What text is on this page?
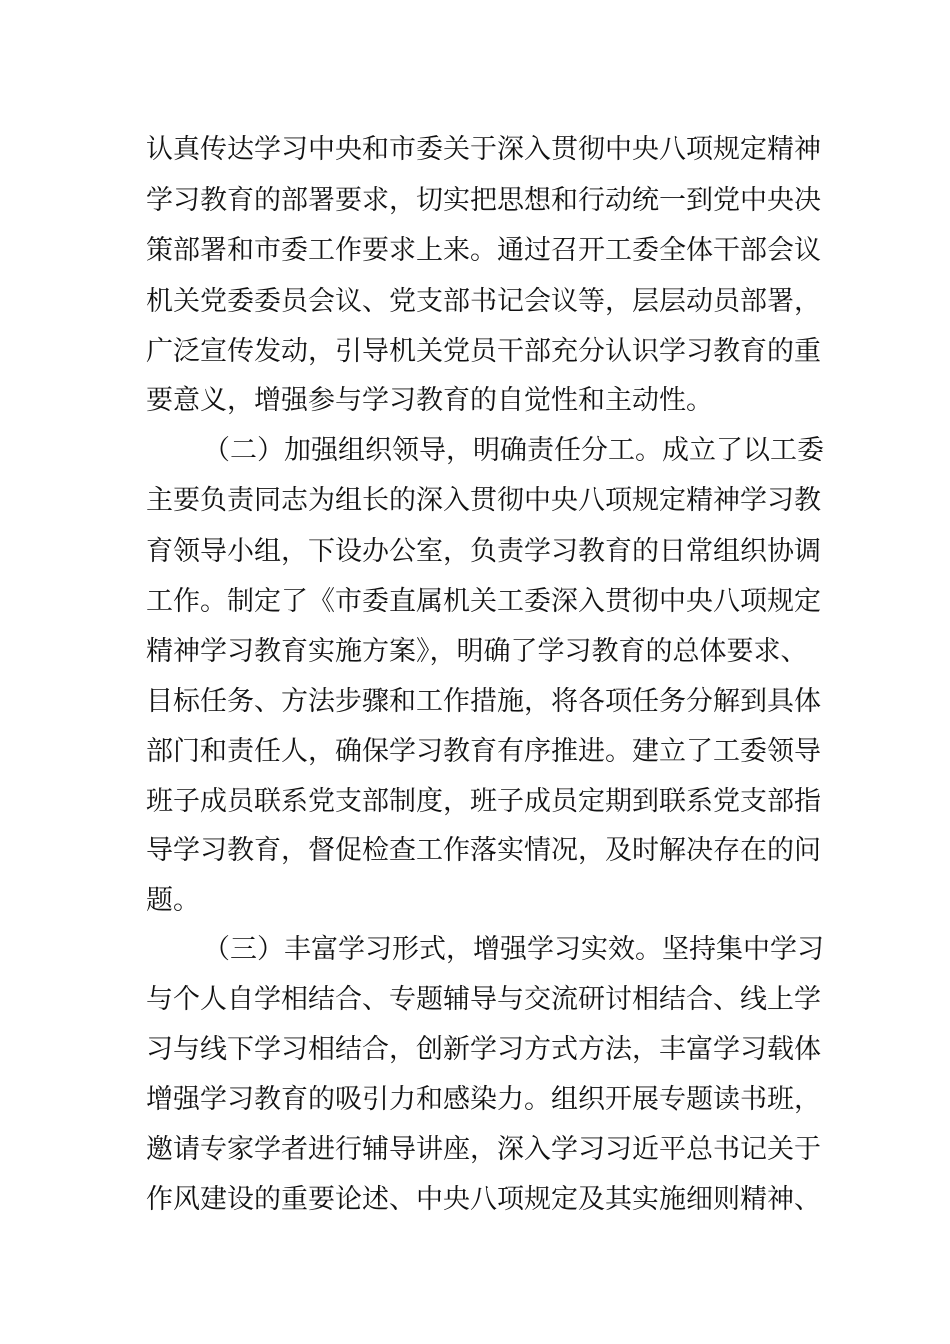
认真传达学习中央和市委关于深入贯彻中央八项规定精神
学习教育的部署要求，切实把思想和行动统一到党中央决
策部署和市委工作要求上来。通过召开工委全体干部会议
机关党委委员会议、党支部书记会议等，层层动员部署，
广泛宣传发动，引导机关党员干部充分认识学习教育的重
要意义，增强参与学习教育的自觉性和主动性。
（二）加强组织领导，明确责任分工。成立了以工委
主要负责同志为组长的深入贯彻中央八项规定精神学习教
育领导小组，下设办公室，负责学习教育的日常组织协调
工作。制定了《市委直属机关工委深入贯彻中央八项规定
精神学习教育实施方案》，明确了学习教育的总体要求、
目标任务、方法步骤和工作措施，将各项任务分解到具体
部门和责任人，确保学习教育有序推进。建立了工委领导
班子成员联系党支部制度，班子成员定期到联系党支部指
导学习教育，督促检查工作落实情况，及时解决存在的问
题。
（三）丰富学习形式，增强学习实效。坚持集中学习
与个人自学相结合、专题辅导与交流研讨相结合、线上学
习与线下学习相结合，创新学习方式方法，丰富学习载体
增强学习教育的吸引力和感染力。组织开展专题读书班，
邀请专家学者进行辅导讲座，深入学习习近平总书记关于
作风建设的重要论述、中央八项规定及其实施细则精神、
